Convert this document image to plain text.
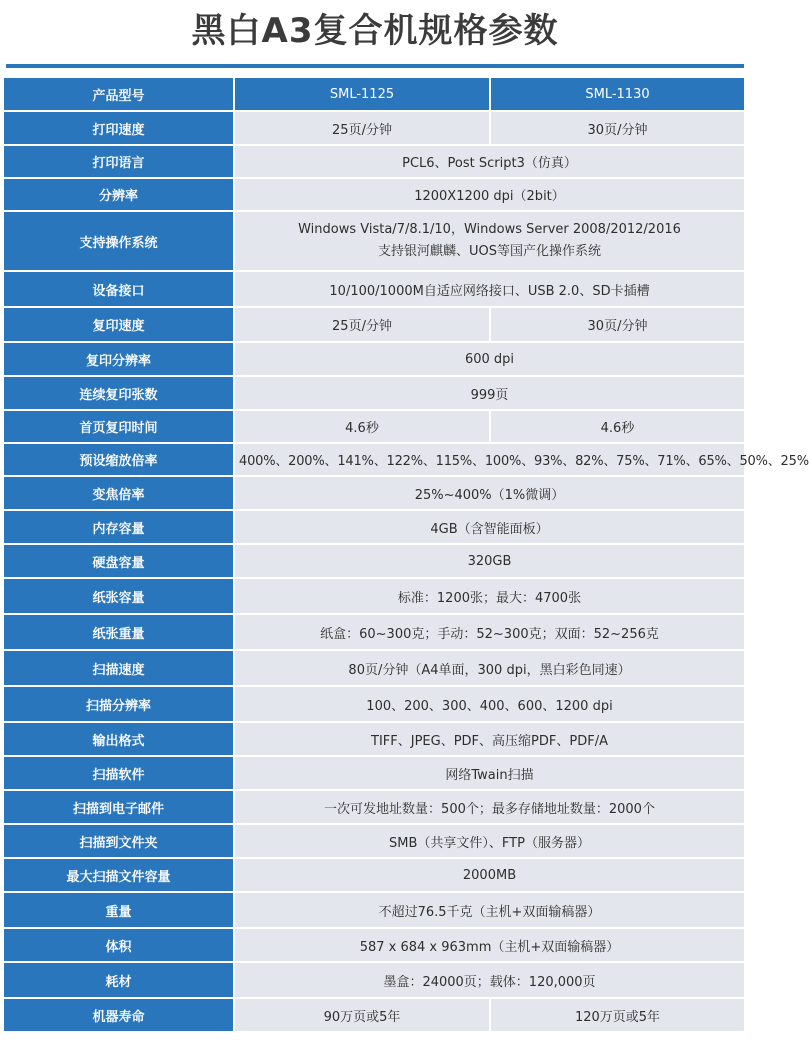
黑白A3复合机规格参数
产品型号	SML-1125	SML-1130
打印速度	25页/分钟	30页/分钟
打印语言	PCL6、Post Script3（仿真）	
分辨率	1200X1200 dpi（2bit）	
支持操作系统	Windows Vista/7/8.1/10，Windows Server 2008/2012/2016
支持银河麒麟、UOS等国产化操作系统	

设备接口	10/100/1000M自适应网络接口、USB 2.0、SD卡插槽	
复印速度	25页/分钟	30页/分钟
复印分辨率	600 dpi	
连续复印张数	999页	
首页复印时间	4.6秒	4.6秒
预设缩放倍率	400%、200%、141%、122%、115%、100%、93%、82%、75%、71%、65%、50%、25%	
变焦倍率	25%~400%（1%微调）	
内存容量	4GB（含智能面板）	
硬盘容量	320GB	
纸张容量	标准：1200张；最大：4700张	
纸张重量	纸盒：60~300克；手动：52~300克；双面：52~256克	
扫描速度	80页/分钟（A4单面，300 dpi，黑白彩色同速）	
扫描分辨率	100、200、300、400、600、1200 dpi	
输出格式	TIFF、JPEG、PDF、高压缩PDF、PDF/A	
扫描软件	网络Twain扫描	
扫描到电子邮件	一次可发地址数量：500个；最多存储地址数量：2000个	
扫描到文件夹	SMB（共享文件）、FTP（服务器）	
最大扫描文件容量	2000MB	
重量	不超过76.5千克（主机+双面输稿器）	
体积	587 x 684 x 963mm（主机+双面输稿器）	
耗材	墨盒：24000页；载体：120,000页	
机器寿命	90万页或5年	120万页或5年
